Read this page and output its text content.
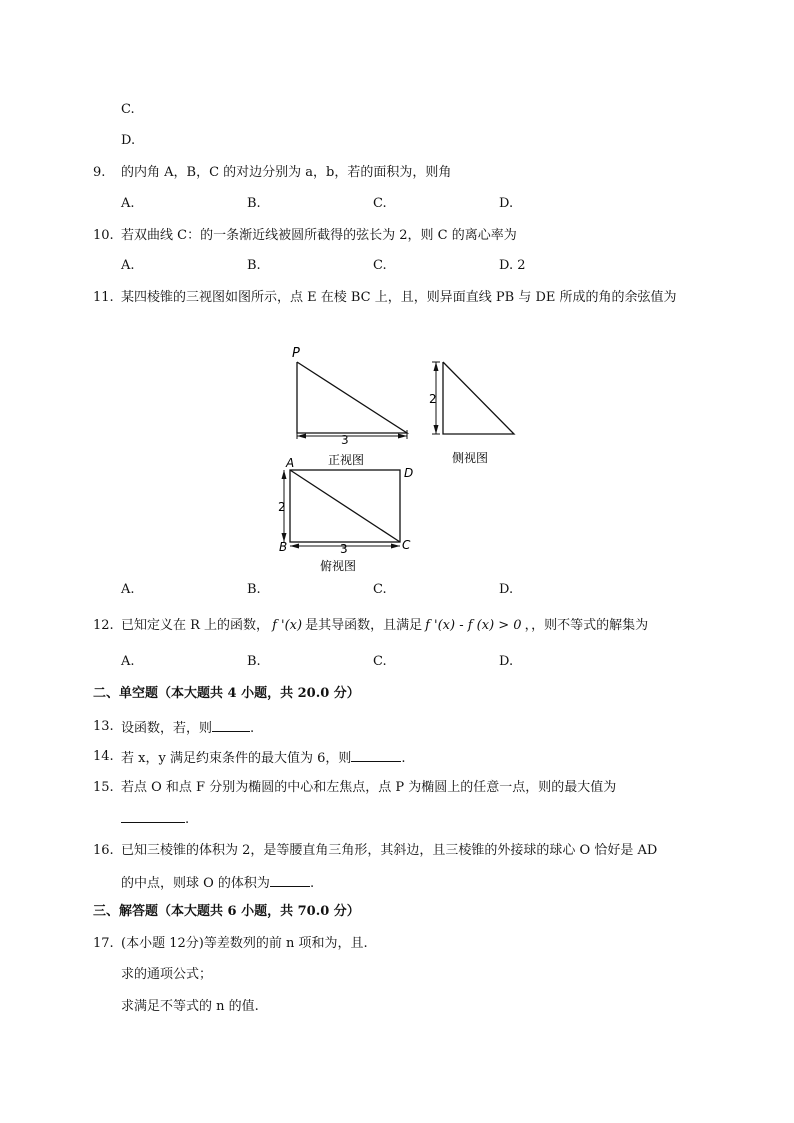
C.
D.
9. 的内角 A，B，C 的对边分别为 a，b，若的面积为，则角
A.	B.	C.	D.
10. 若双曲线 C：的一条渐近线被圆所截得的弦长为 2，则 C 的离心率为
A.	B.	C.	D. 2
11. 某四棱锥的三视图如图所示，点 E 在棱 BC 上，且，则异面直线 PB 与 DE 所成的角的余弦值为
P
3
正视图
2
侧视图
A
D
B	C
2
3
俯视图
A.	B.	C.	D.
12. 已知定义在 R 上的函数， f '(x) 是其导函数，且满足 f '(x) - f (x) > 0 ，，则不等式的解集为
A.	B.	C.	D.
二、单空题（本大题共 4 小题，共 20.0 分）
13. 设函数，若，则	.
14. 若 x，y 满足约束条件的最大值为 6，则	.
15. 若点 O 和点 F 分别为椭圆的中心和左焦点，点 P 为椭圆上的任意一点，则的最大值为
.
16. 已知三棱锥的体积为 2，是等腰直角三角形，其斜边，且三棱锥的外接球的球心 O 恰好是 AD
的中点，则球 O 的体积为	.
三、解答题（本大题共 6 小题，共 70.0 分）
17. (本小题 12分)等差数列的前 n 项和为，且.
求的通项公式；
求满足不等式的 n 的值.
